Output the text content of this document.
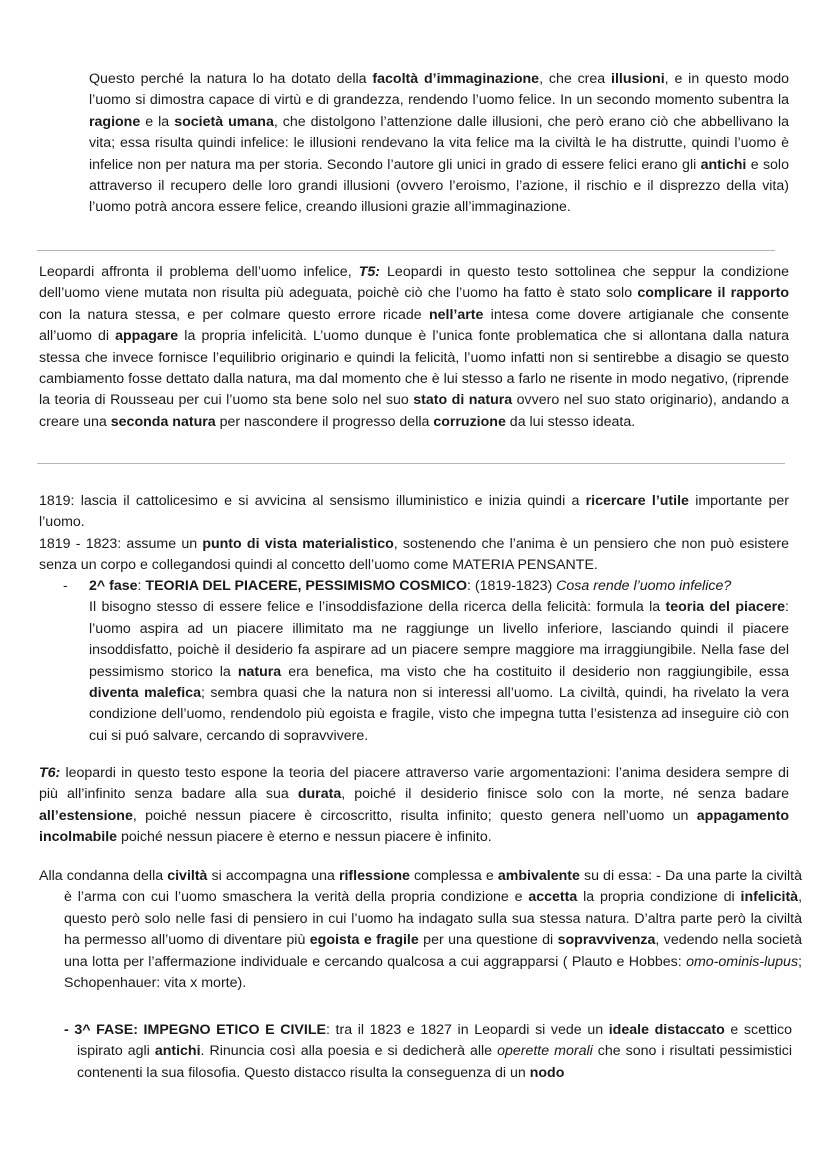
Questo perché la natura lo ha dotato della facoltà d’immaginazione, che crea illusioni, e in questo modo l’uomo si dimostra capace di virtù e di grandezza, rendendo l’uomo felice. In un secondo momento subentra la ragione e la società umana, che distolgono l’attenzione dalle illusioni, che però erano ciò che abbellivano la vita; essa risulta quindi infelice: le illusioni rendevano la vita felice ma la civiltà le ha distrutte, quindi l’uomo è infelice non per natura ma per storia. Secondo l’autore gli unici in grado di essere felici erano gli antichi e solo attraverso il recupero delle loro grandi illusioni (ovvero l’eroismo, l’azione, il rischio e il disprezzo della vita) l’uomo potrà ancora essere felice, creando illusioni grazie all’immaginazione.

Leopardi affronta il problema dell’uomo infelice, T5: Leopardi in questo testo sottolinea che seppur la condizione dell’uomo viene mutata non risulta più adeguata, poichè ciò che l’uomo ha fatto è stato solo complicare il rapporto con la natura stessa, e per colmare questo errore ricade nell’arte intesa come dovere artigianale che consente all’uomo di appagare la propria infelicità. L’uomo dunque è l’unica fonte problematica che si allontana dalla natura stessa che invece fornisce l’equilibrio originario e quindi la felicità, l’uomo infatti non si sentirebbe a disagio se questo cambiamento fosse dettato dalla natura, ma dal momento che è lui stesso a farlo ne risente in modo negativo, (riprende la teoria di Rousseau per cui l’uomo sta bene solo nel suo stato di natura ovvero nel suo stato originario), andando a creare una seconda natura per nascondere il progresso della corruzione da lui stesso ideata.

1819: lascia il cattolicesimo e si avvicina al sensismo illuministico e inizia quindi a ricercare l’utile importante per l’uomo.

1819 - 1823: assume un punto di vista materialistico, sostenendo che l’anima è un pensiero che non può esistere senza un corpo e collegandosi quindi al concetto dell’uomo come MATERIA PENSANTE.

- 2^ fase: TEORIA DEL PIACERE, PESSIMISMO COSMICO: (1819-1823) Cosa rende l’uomo infelice?

Il bisogno stesso di essere felice e l’insoddisfazione della ricerca della felicità: formula la teoria del piacere: l’uomo aspira ad un piacere illimitato ma ne raggiunge un livello inferiore, lasciando quindi il piacere insoddisfatto, poichè il desiderio fa aspirare ad un piacere sempre maggiore ma irraggiungibile. Nella fase del pessimismo storico la natura era benefica, ma visto che ha costituito il desiderio non raggiungibile, essa diventa malefica; sembra quasi che la natura non si interessi all’uomo. La civiltà, quindi, ha rivelato la vera condizione dell’uomo, rendendolo più egoista e fragile, visto che impegna tutta l’esistenza ad inseguire ciò con cui si puó salvare, cercando di sopravvivere.

T6: leopardi in questo testo espone la teoria del piacere attraverso varie argomentazioni: l’anima desidera sempre di più all’infinito senza badare alla sua durata, poiché il desiderio finisce solo con la morte, né senza badare all’estensione, poiché nessun piacere è circoscritto, risulta infinito; questo genera nell’uomo un appagamento incolmabile poiché nessun piacere è eterno e nessun piacere è infinito.

Alla condanna della civiltà si accompagna una riflessione complessa e ambivalente su di essa: - Da una parte la civiltà è l’arma con cui l’uomo smaschera la verità della propria condizione e accetta la propria condizione di infelicità, questo però solo nelle fasi di pensiero in cui l’uomo ha indagato sulla sua stessa natura. D’altra parte però la civiltà ha permesso all’uomo di diventare più egoista e fragile per una questione di sopravvivenza, vedendo nella società una lotta per l’affermazione individuale e cercando qualcosa a cui aggrapparsi ( Plauto e Hobbes: omo-ominis-lupus; Schopenhauer: vita x morte).

- 3^ FASE: IMPEGNO ETICO E CIVILE: tra il 1823 e 1827 in Leopardi si vede un ideale distaccato e scettico ispirato agli antichi. Rinuncia così alla poesia e si dedicherà alle operette morali che sono i risultati pessimistici contenenti la sua filosofia. Questo distacco risulta la conseguenza di un nodo
